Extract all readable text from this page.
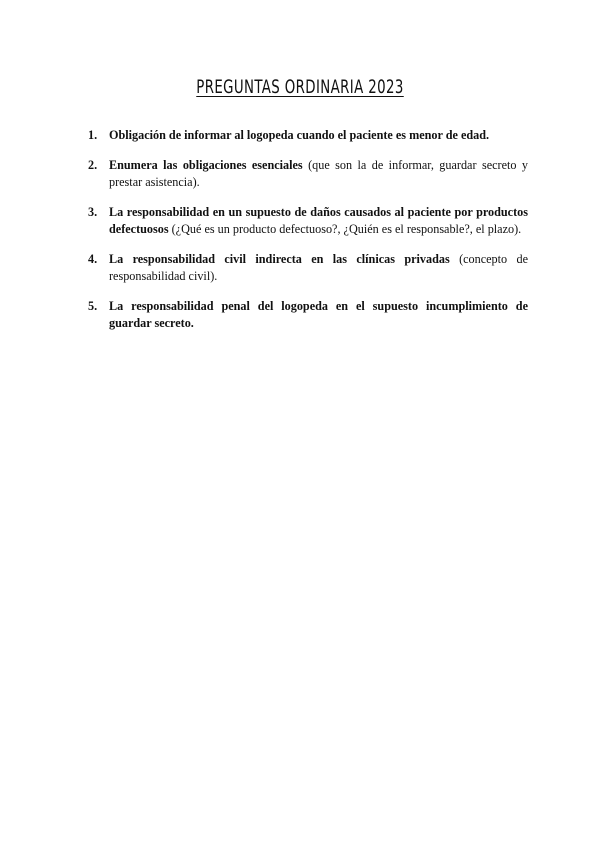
PREGUNTAS ORDINARIA 2023
1. Obligación de informar al logopeda cuando el paciente es menor de edad.
2. Enumera las obligaciones esenciales (que son la de informar, guardar secreto y prestar asistencia).
3. La responsabilidad en un supuesto de daños causados al paciente por productos defectuosos (¿Qué es un producto defectuoso?, ¿Quién es el responsable?, el plazo).
4. La responsabilidad civil indirecta en las clínicas privadas (concepto de responsabilidad civil).
5. La responsabilidad penal del logopeda en el supuesto incumplimiento de guardar secreto.
